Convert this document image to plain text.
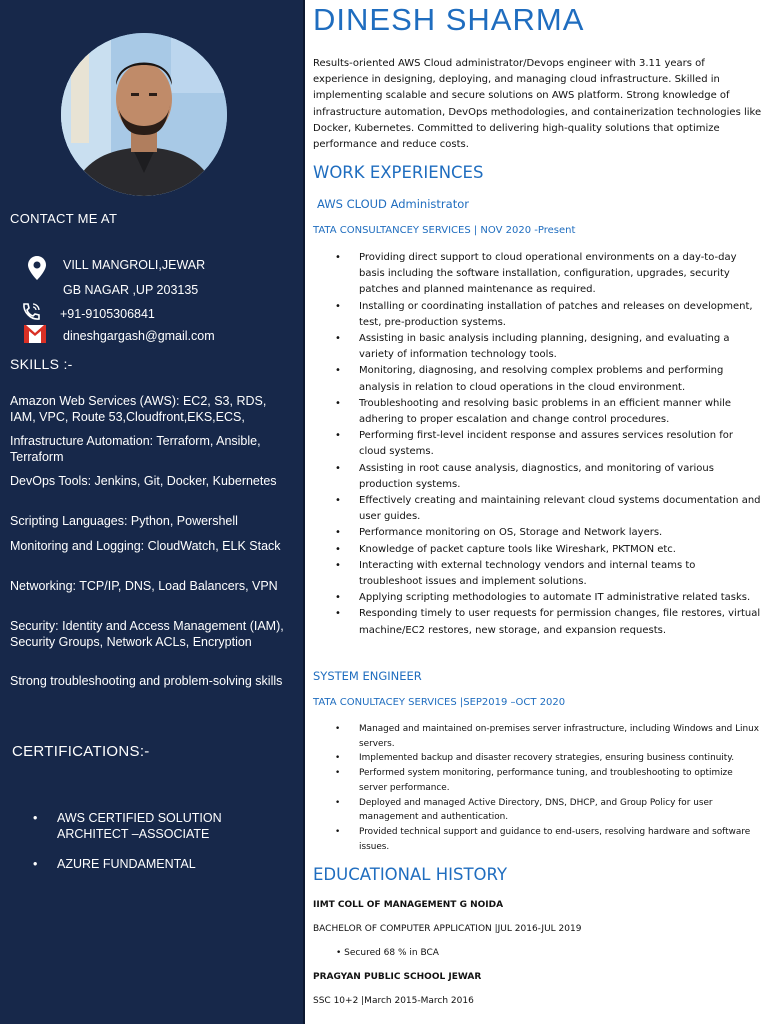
CONTACT ME AT
VILL MANGROLI,JEWAR
GB NAGAR ,UP 203135
+91-9105306841
dineshgargash@gmail.com
SKILLS :-
Amazon Web Services (AWS): EC2, S3, RDS, IAM, VPC, Route 53,Cloudfront,EKS,ECS,
Infrastructure Automation: Terraform, Ansible, Terraform
DevOps Tools: Jenkins, Git, Docker, Kubernetes
Scripting Languages: Python, Powershell
Monitoring and Logging: CloudWatch, ELK Stack
Networking: TCP/IP, DNS, Load Balancers, VPN
Security: Identity and Access Management (IAM), Security Groups, Network ACLs, Encryption
Strong troubleshooting and problem-solving skills
CERTIFICATIONS:-
• AWS CERTIFIED SOLUTION ARCHITECT –ASSOCIATE
• AZURE FUNDAMENTAL
DINESH SHARMA
Results-oriented AWS Cloud administrator/Devops engineer with 3.11 years of experience in designing, deploying, and managing cloud infrastructure. Skilled in implementing scalable and secure solutions on AWS platform. Strong knowledge of infrastructure automation, DevOps methodologies, and containerization technologies like Docker, Kubernetes. Committed to delivering high-quality solutions that optimize performance and reduce costs.
WORK EXPERIENCES
AWS CLOUD Administrator
TATA CONSULTANCEY SERVICES | NOV 2020 -Present
• Providing direct support to cloud operational environments on a day-to-day basis including the software installation, configuration, upgrades, security patches and planned maintenance as required.
• Installing or coordinating installation of patches and releases on development, test, pre-production systems.
• Assisting in basic analysis including planning, designing, and evaluating a variety of information technology tools.
• Monitoring, diagnosing, and resolving complex problems and performing analysis in relation to cloud operations in the cloud environment.
• Troubleshooting and resolving basic problems in an efficient manner while adhering to proper escalation and change control procedures.
• Performing first-level incident response and assures services resolution for cloud systems.
• Assisting in root cause analysis, diagnostics, and monitoring of various production systems.
• Effectively creating and maintaining relevant cloud systems documentation and user guides.
• Performance monitoring on OS, Storage and Network layers.
• Knowledge of packet capture tools like Wireshark, PKTMON etc.
• Interacting with external technology vendors and internal teams to troubleshoot issues and implement solutions.
• Applying scripting methodologies to automate IT administrative related tasks.
• Responding timely to user requests for permission changes, file restores, virtual machine/EC2 restores, new storage, and expansion requests.
SYSTEM ENGINEER
TATA CONULTACEY SERVICES |SEP2019 –OCT 2020
• Managed and maintained on-premises server infrastructure, including Windows and Linux servers.
• Implemented backup and disaster recovery strategies, ensuring business continuity.
• Performed system monitoring, performance tuning, and troubleshooting to optimize server performance.
• Deployed and managed Active Directory, DNS, DHCP, and Group Policy for user management and authentication.
• Provided technical support and guidance to end-users, resolving hardware and software issues.
EDUCATIONAL HISTORY
IIMT COLL OF MANAGEMENT G NOIDA
BACHELOR OF COMPUTER APPLICATION |JUL 2016-JUL 2019
• Secured 68 % in BCA
PRAGYAN PUBLIC SCHOOL JEWAR
SSC 10+2 |March 2015-March 2016
